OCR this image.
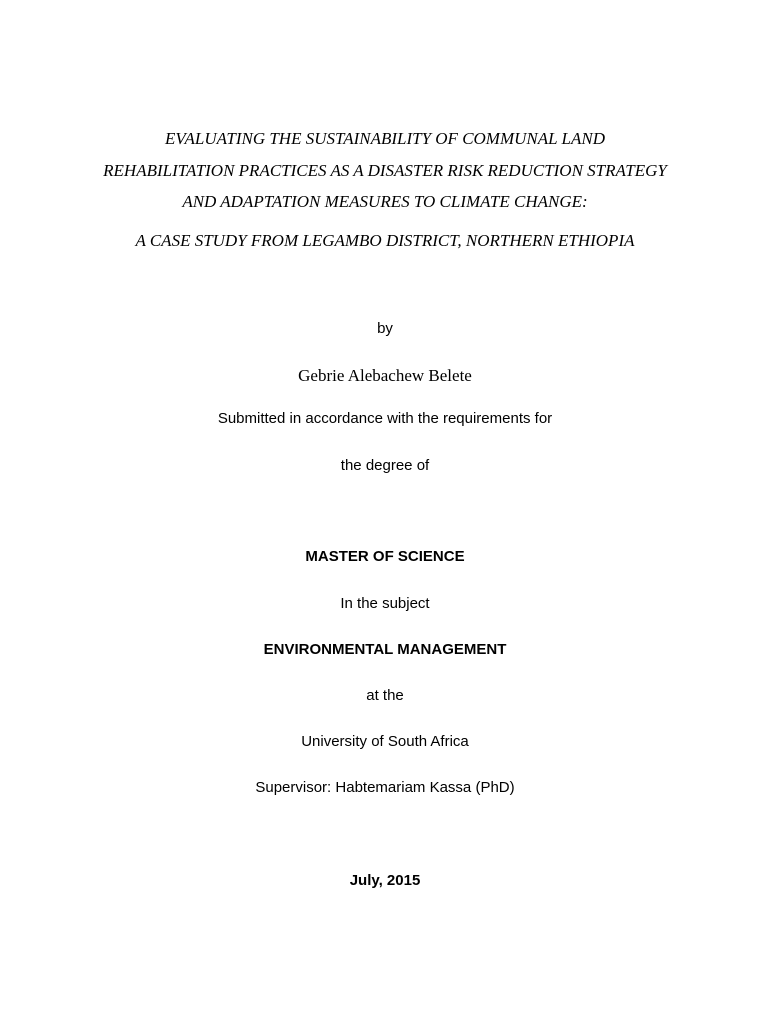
EVALUATING THE SUSTAINABILITY OF COMMUNAL LAND
REHABILITATION PRACTICES AS A DISASTER RISK REDUCTION STRATEGY
AND ADAPTATION MEASURES TO CLIMATE CHANGE:
A CASE STUDY FROM LEGAMBO DISTRICT, NORTHERN ETHIOPIA
by
Gebrie Alebachew Belete
Submitted in accordance with the requirements for
the degree of
MASTER OF SCIENCE
In the subject
ENVIRONMENTAL MANAGEMENT
at the
University of South Africa
Supervisor: Habtemariam Kassa (PhD)
July, 2015
